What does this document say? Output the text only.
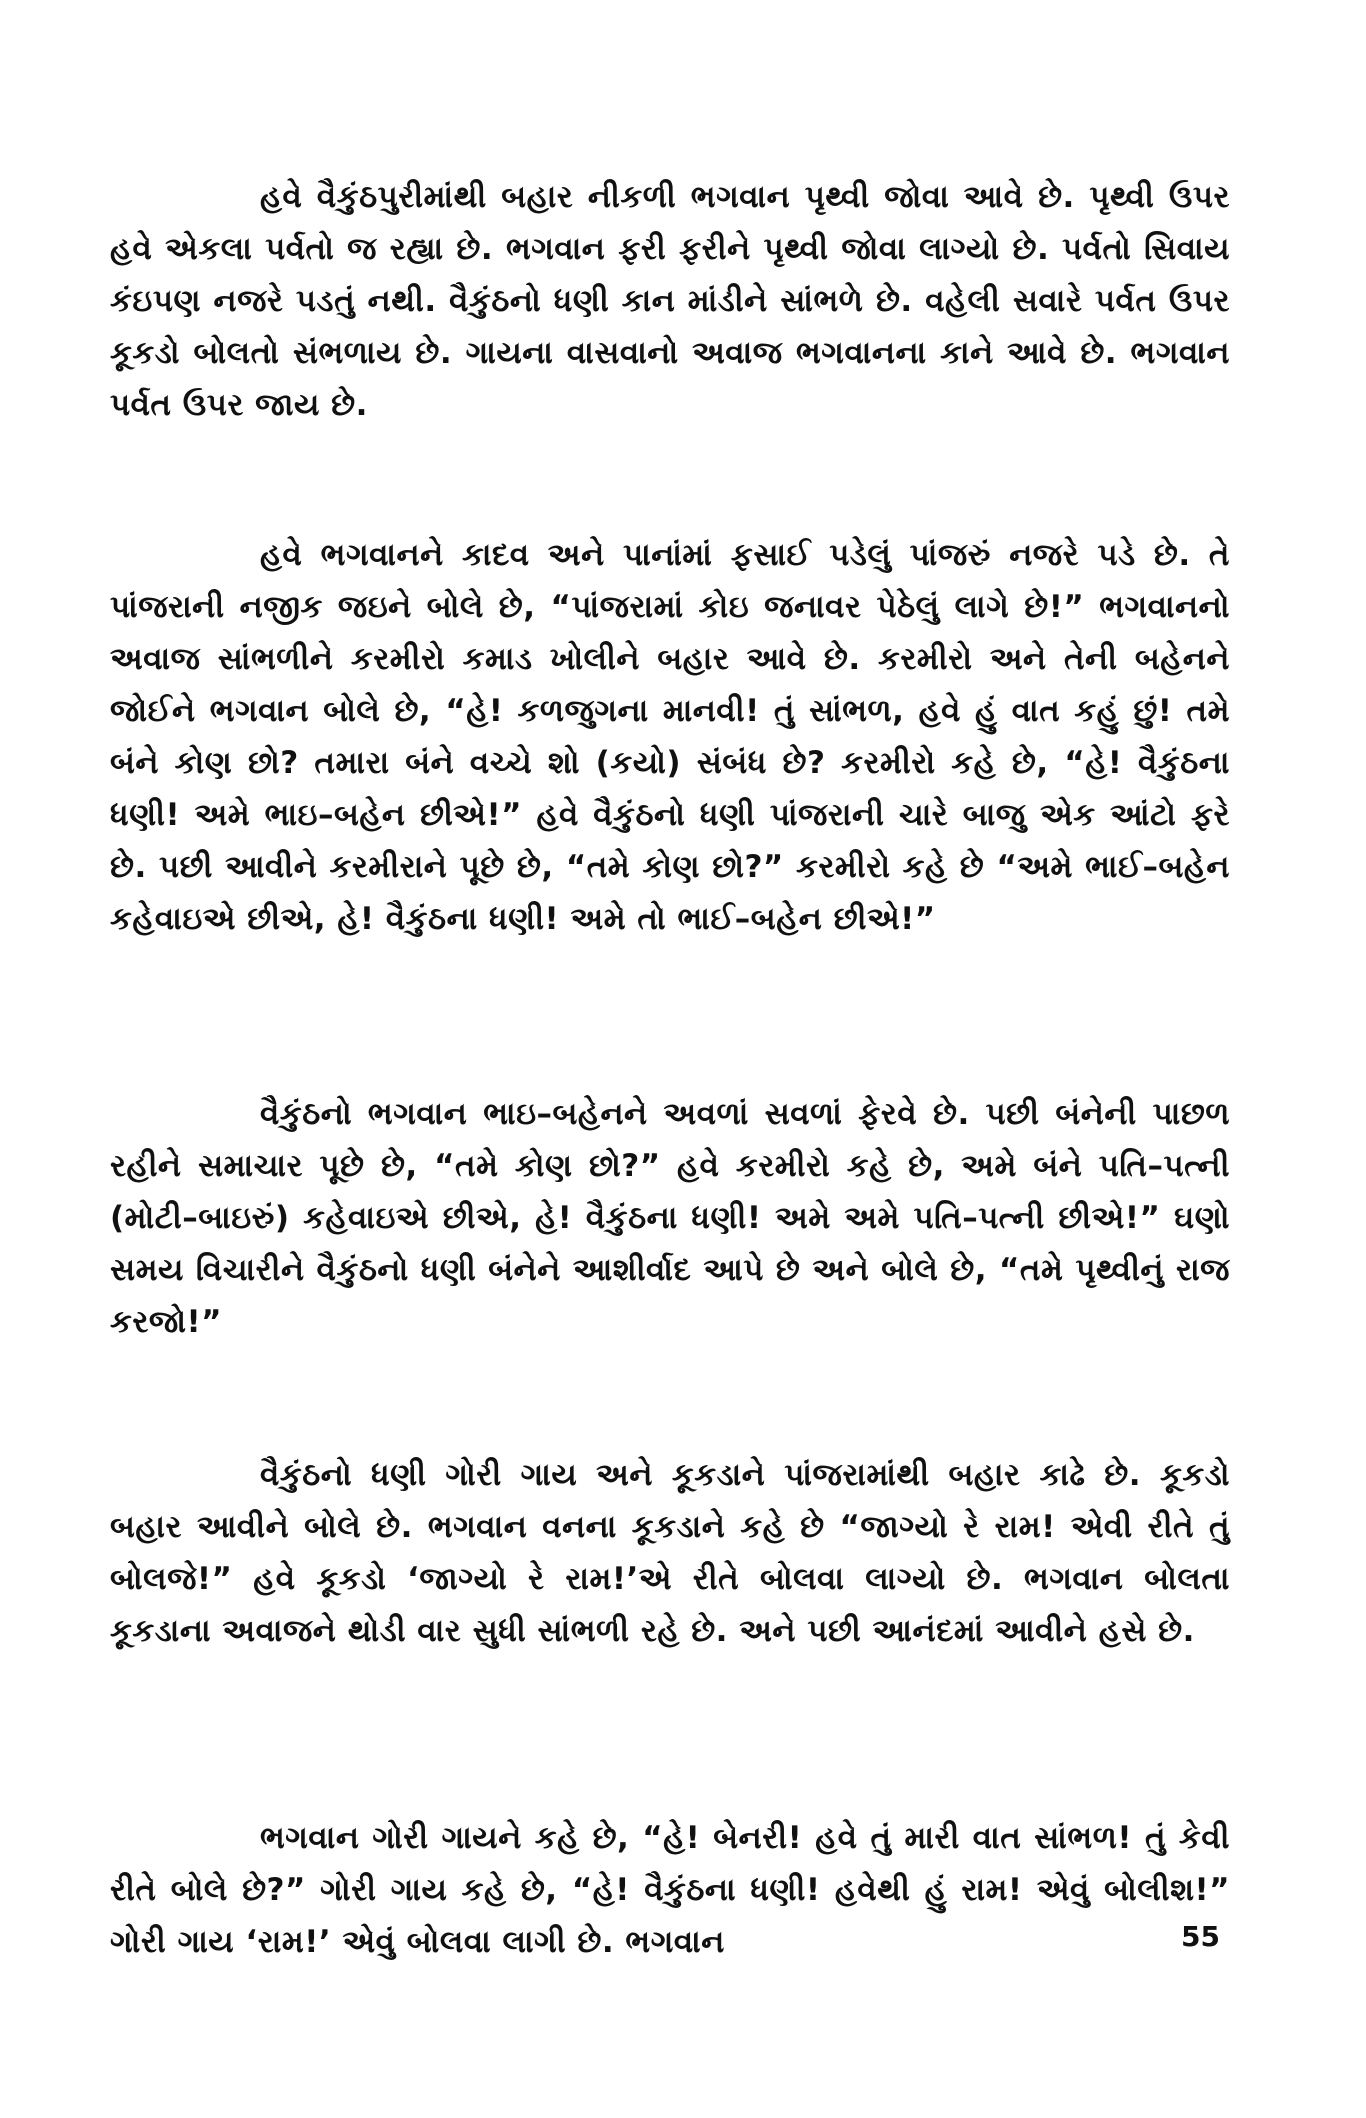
હવે વૈકુંઠપુરીમાંથી બહાર નીકળી ભગવાન પૃથ્વી જોવા આવે છે. પૃથ્વી ઉપર હવે એકલા પર્વતો જ રહ્યા છે. ભગવાન ફરી ફરીને પૃથ્વી જોવા લાગ્યો છે. પર્વતો સિવાય કંઇપણ નજરે પડતું નથી. વૈકુંઠનો ધણી કાન માંડીને સાંભળે છે. વહેલી સવારે પર્વત ઉપર કૂકડો બોલતો સંભળાય છે. ગાયના વાસવાનો અવાજ ભગવાનના કાને આવે છે. ભગવાન પર્વત ઉપર જાય છે.

હવે ભગવાનને કાદવ અને પાનાંમાં ફસાઈ પડેલું પાંજરું નજરે પડે છે. તે પાંજરાની નજીક જઇને બોલે છે, “પાંજરામાં કોઇ જનાવર પેઠેલું લાગે છે!” ભગવાનનો અવાજ સાંભળીને કરમીરો કમાડ ખોલીને બહાર આવે છે. કરમીરો અને તેની બહેનને જોઈને ભગવાન બોલે છે, “હે! કળજુગના માનવી! તું સાંભળ, હવે હું વાત કહું છું! તમે બંને કોણ છો? તમારા બંને વચ્ચે શો (કયો) સંબંધ છે? કરમીરો કહે છે, “હે! વૈકુંઠના ધણી! અમે ભાઇ–બહેન છીએ!” હવે વૈકુંઠનો ધણી પાંજરાની ચારે બાજુ એક આંટો ફરે છે. પછી આવીને કરમીરાને પૂછે છે, “તમે કોણ છો?” કરમીરો કહે છે “અમે ભાઈ–બહેન કહેવાઇએ છીએ, હે! વૈકુંઠના ધણી! અમે તો ભાઈ–બહેન છીએ!”

વૈકુંઠનો ભગવાન ભાઇ–બહેનને અવળાં સવળાં ફેરવે છે. પછી બંનેની પાછળ રહીને સમાચાર પૂછે છે, “તમે કોણ છો?” હવે કરમીરો કહે છે, અમે બંને પતિ–પત્ની (મોટી–બાઇરું) કહેવાઇએ છીએ, હે! વૈકુંઠના ધણી! અમે અમે પતિ–પત્ની છીએ!” ઘણો સમય વિચારીને વૈકુંઠનો ધણી બંનેને આશીર્વાદ આપે છે અને બોલે છે, “તમે પૃથ્વીનું રાજ કરજો!”

વૈકુંઠનો ધણી ગોરી ગાય અને કૂકડાને પાંજરામાંથી બહાર કાઢે છે. કૂકડો બહાર આવીને બોલે છે. ભગવાન વનના કૂકડાને કહે છે “જાગ્યો રે રામ! એવી રીતે તું બોલજે!” હવે કૂકડો ‘જાગ્યો રે રામ!’એ રીતે બોલવા લાગ્યો છે. ભગવાન બોલતા કૂકડાના અવાજને થોડી વાર સુધી સાંભળી રહે છે. અને પછી આનંદમાં આવીને હસે છે.

ભગવાન ગોરી ગાયને કહે છે, “હે! બેનરી! હવે તું મારી વાત સાંભળ! તું કેવી રીતે બોલે છે?” ગોરી ગાય કહે છે, “હે! વૈકુંઠના ધણી! હવેથી હું રામ! એવું બોલીશ!” ગોરી ગાય ‘રામ!’ એવું બોલવા લાગી છે. ભગવાન	55
